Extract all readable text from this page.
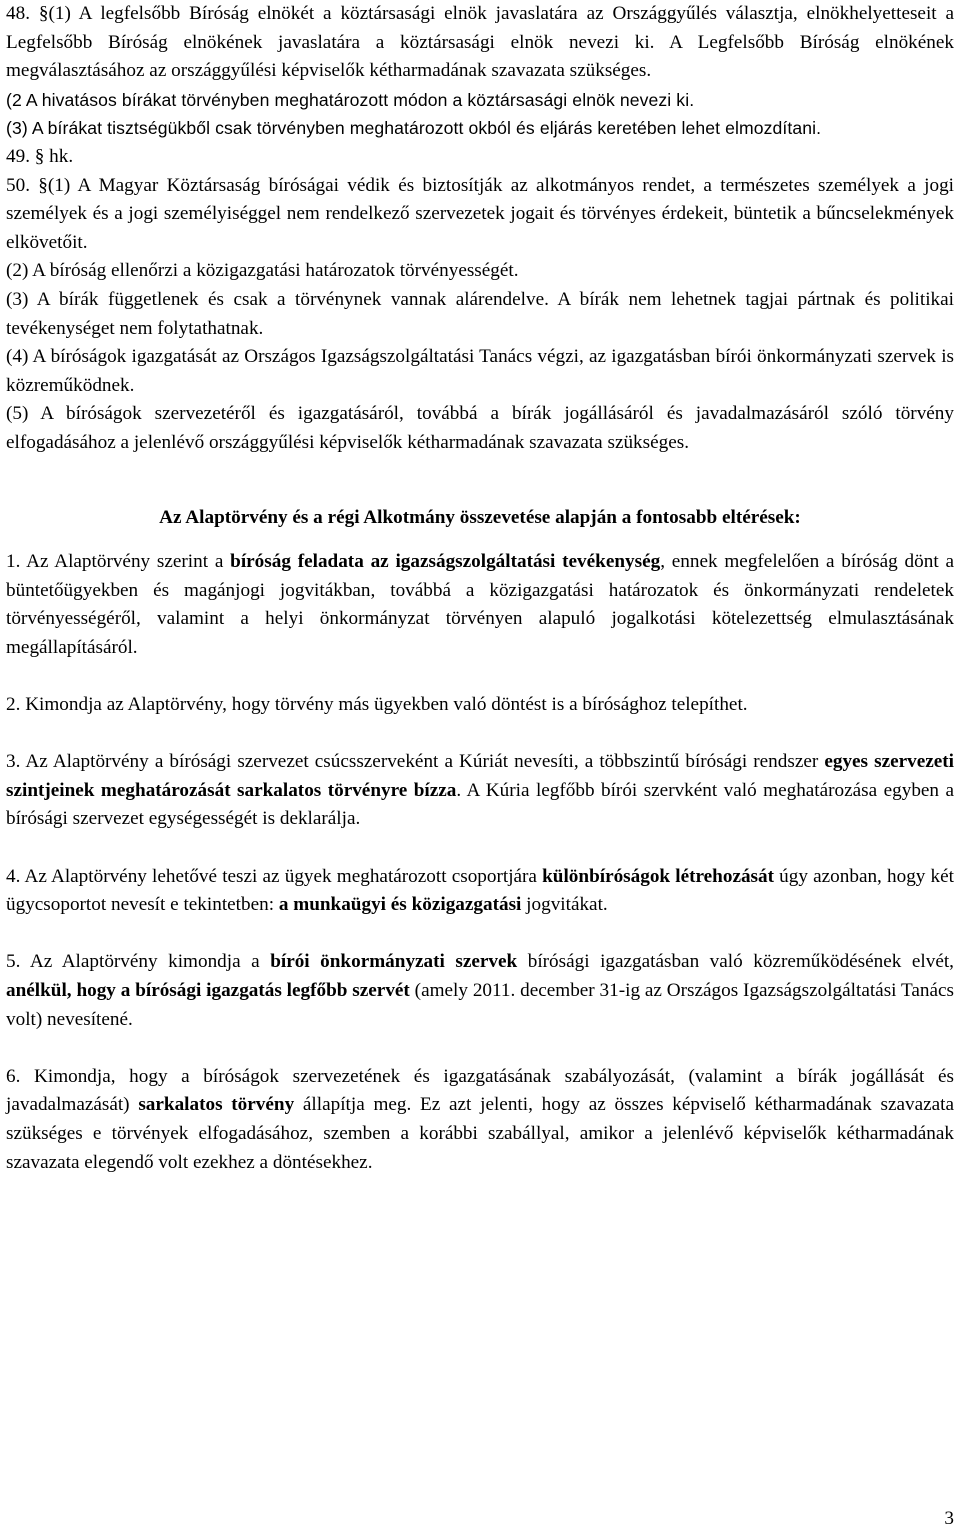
48. §(1) A legfelsőbb Bíróság elnökét a köztársasági elnök javaslatára az Országgyűlés választja, elnökhelyetteseit a Legfelsőbb Bíróság elnökének javaslatára a köztársasági elnök nevezi ki. A Legfelsőbb Bíróság elnökének megválasztásához az országgyűlési képviselők kétharmadának szavazata szükséges.

(2 A hivatásos bírákat törvényben meghatározott módon a köztársasági elnök nevezi ki.

(3) A bírákat tisztségükből csak törvényben meghatározott okból és eljárás keretében lehet elmozdítani.

49. § hk.

50. §(1) A Magyar Köztársaság bíróságai védik és biztosítják az alkotmányos rendet, a természetes személyek a jogi személyek és a jogi személyiséggel nem rendelkező szervezetek jogait és törvényes érdekeit, büntetik a bűncselekmények elkövetőit.

(2) A bíróság ellenőrzi a közigazgatási határozatok törvényességét.

(3) A bírák függetlenek és csak a törvénynek vannak alárendelve. A bírák nem lehetnek tagjai pártnak és politikai tevékenységet nem folytathatnak.

(4) A bíróságok igazgatását az Országos Igazságszolgáltatási Tanács végzi, az igazgatásban bírói önkormányzati szervek is közreműködnek.

(5) A bíróságok szervezetéről és igazgatásáról, továbbá a bírák jogállásáról és javadalmazásáról szóló törvény elfogadásához a jelenlévő országgyűlési képviselők kétharmadának szavazata szükséges.

Az Alaptörvény és a régi Alkotmány összevetése alapján a fontosabb eltérések:

1. Az Alaptörvény szerint a bíróság feladata az igazságszolgáltatási tevékenység, ennek megfelelően a bíróság dönt a büntetőügyekben és magánjogi jogvitákban, továbbá a közigazgatási határozatok és önkormányzati rendeletek törvényességéről, valamint a helyi önkormányzat törvényen alapuló jogalkotási kötelezettség elmulasztásának megállapításáról.

2. Kimondja az Alaptörvény, hogy törvény más ügyekben való döntést is a bírósághoz telepíthet.

3. Az Alaptörvény a bírósági szervezet csúcsszerveként a Kúriát nevesíti, a többszintű bírósági rendszer egyes szervezeti szintjeinek meghatározását sarkalatos törvényre bízza. A Kúria legfőbb bírói szervként való meghatározása egyben a bírósági szervezet egységességét is deklarálja.

4. Az Alaptörvény lehetővé teszi az ügyek meghatározott csoportjára különbíróságok létrehozását úgy azonban, hogy két ügycsoportot nevesít e tekintetben: a munkaügyi és közigazgatási jogvitákat.

5. Az Alaptörvény kimondja a bírói önkormányzati szervek bírósági igazgatásban való közreműködésének elvét, anélkül, hogy a bírósági igazgatás legfőbb szervét (amely 2011. december 31-ig az Országos Igazságszolgáltatási Tanács volt) nevesítené.

6. Kimondja, hogy a bíróságok szervezetének és igazgatásának szabályozását, (valamint a bírák jogállását és javadalmazását) sarkalatos törvény állapítja meg. Ez azt jelenti, hogy az összes képviselő kétharmadának szavazata szükséges e törvények elfogadásához, szemben a korábbi szabállyal, amikor a jelenlévő képviselők kétharmadának szavazata elegendő volt ezekhez a döntésekhez.

3
